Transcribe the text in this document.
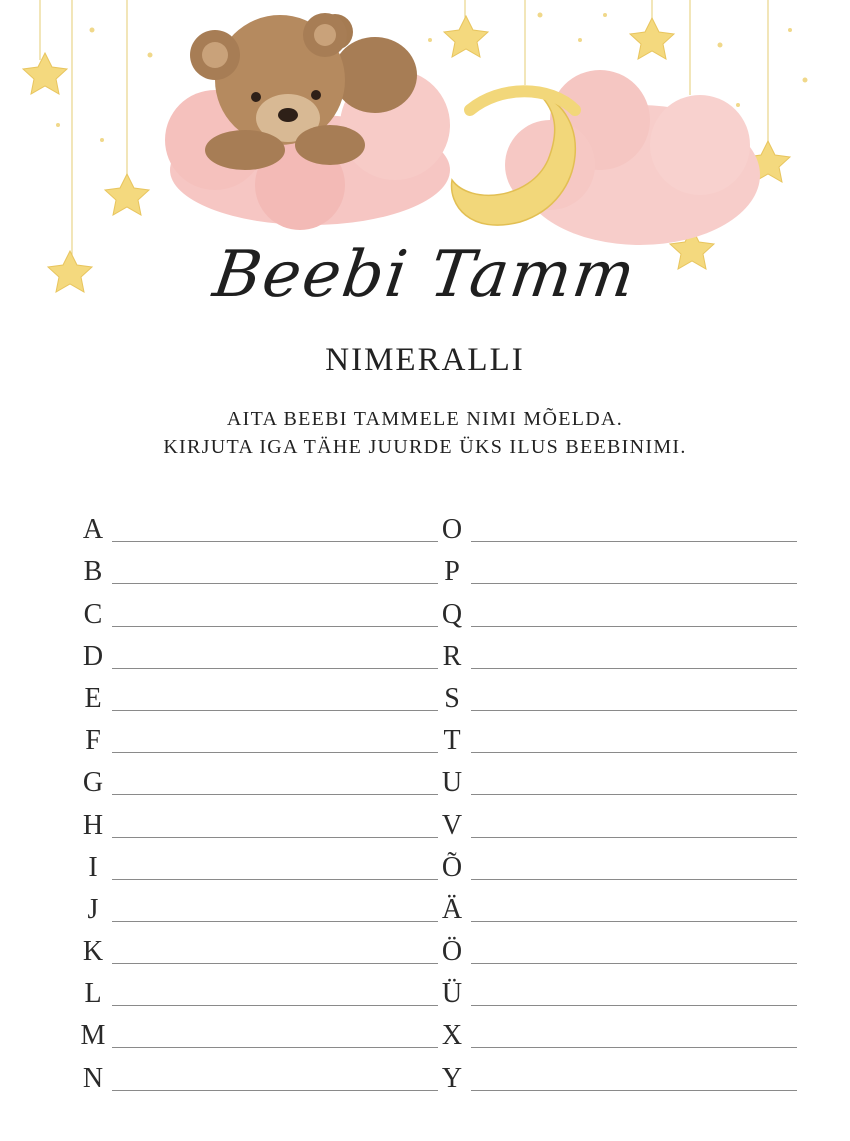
Beebi Tamm
NIMERALLI
AITA BEEBI TAMMELE NIMI MÕELDA.
KIRJUTA IGA TÄHE JUURDE ÜKS ILUS BEEBINIMI.
A
B
C
D
E
F
G
H
I
J
K
L
M
N
O
P
Q
R
S
T
U
V
Õ
Ä
Ö
Ü
X
Y
